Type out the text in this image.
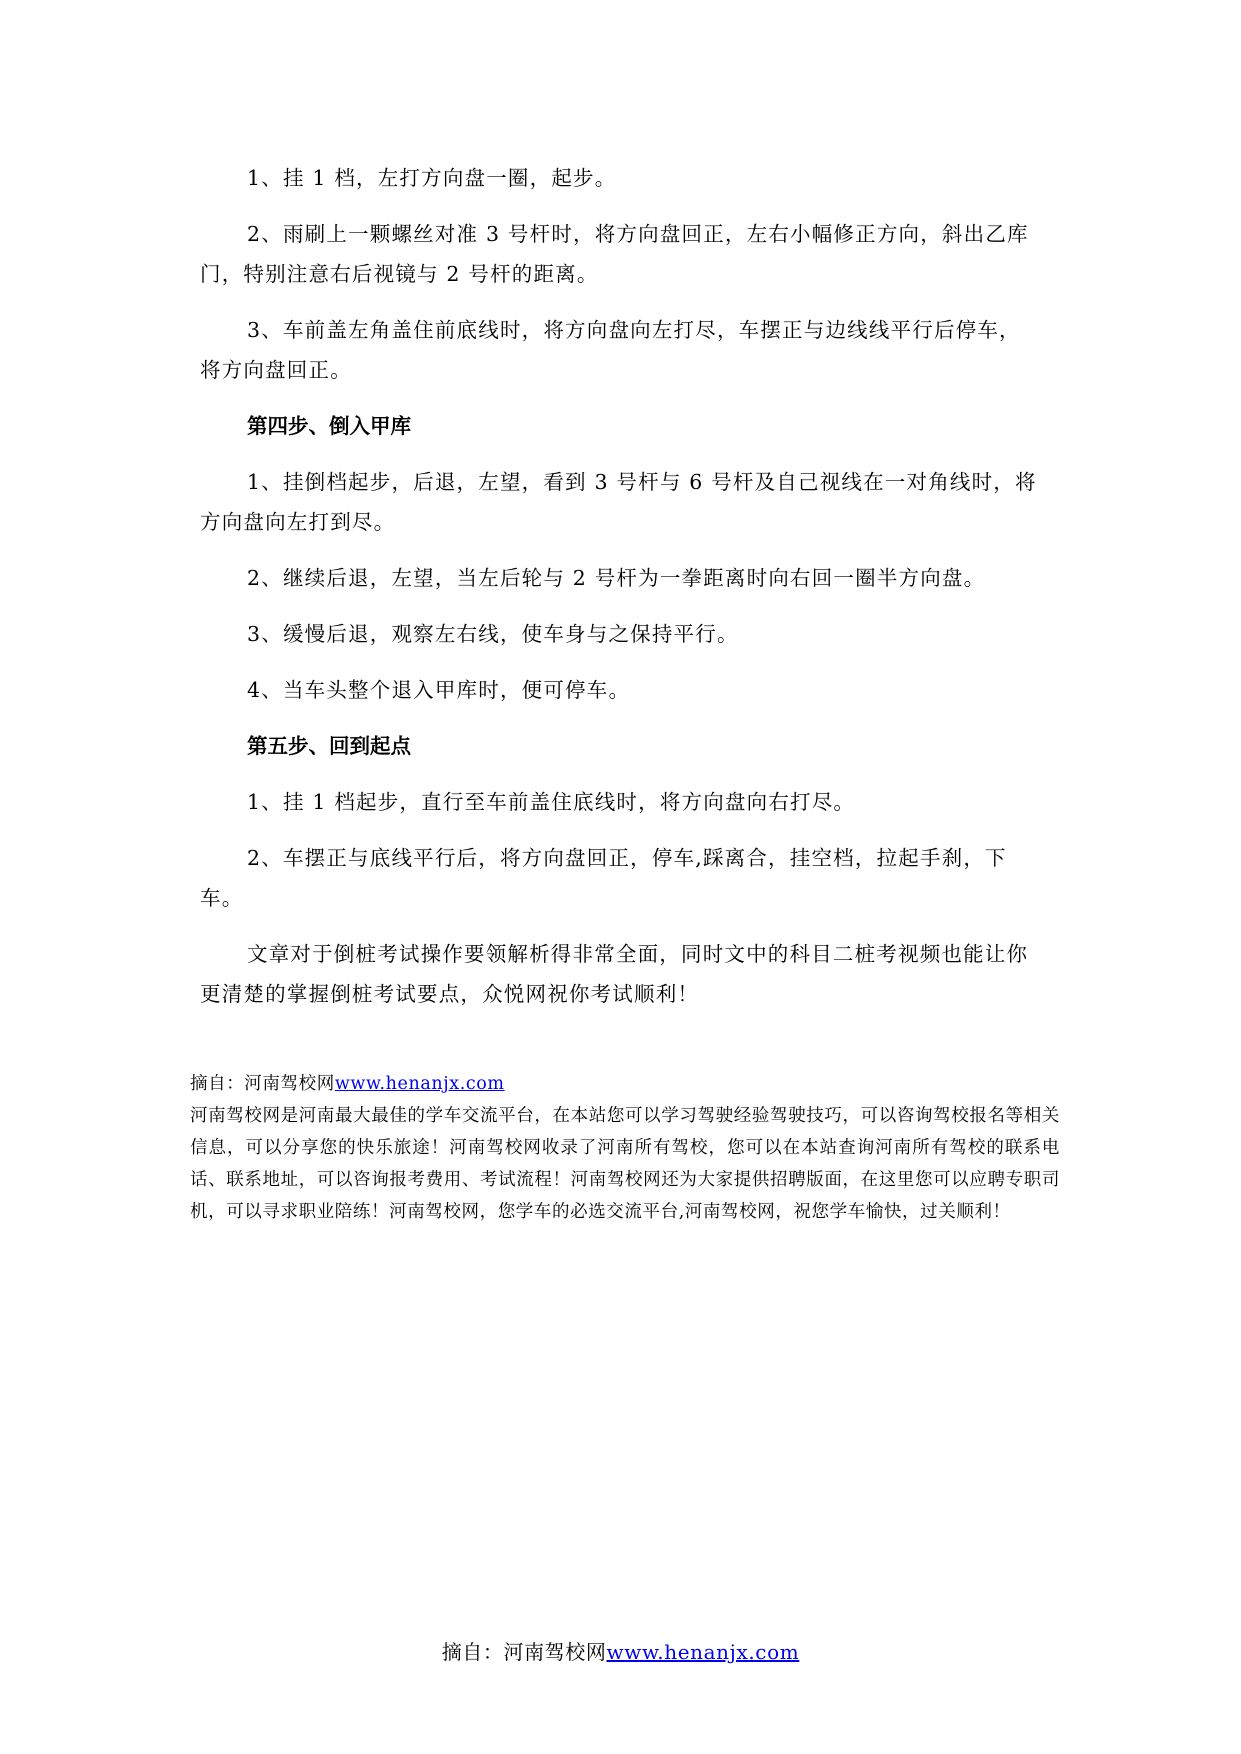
1、挂 1 档，左打方向盘一圈，起步。

2、雨刷上一颗螺丝对准 3 号杆时，将方向盘回正，左右小幅修正方向，斜出乙库门，特别注意右后视镜与 2 号杆的距离。

3、车前盖左角盖住前底线时，将方向盘向左打尽，车摆正与边线线平行后停车，将方向盘回正。

第四步、倒入甲库

1、挂倒档起步，后退，左望，看到 3 号杆与 6 号杆及自己视线在一对角线时，将方向盘向左打到尽。

2、继续后退，左望，当左后轮与 2 号杆为一拳距离时向右回一圈半方向盘。

3、缓慢后退，观察左右线，使车身与之保持平行。

4、当车头整个退入甲库时，便可停车。

第五步、回到起点

1、挂 1 档起步，直行至车前盖住底线时，将方向盘向右打尽。

2、车摆正与底线平行后，将方向盘回正，停车,踩离合，挂空档，拉起手刹，下车。

文章对于倒桩考试操作要领解析得非常全面，同时文中的科目二桩考视频也能让你更清楚的掌握倒桩考试要点，众悦网祝你考试顺利！

摘自：河南驾校网www.henanjx.com

河南驾校网是河南最大最佳的学车交流平台，在本站您可以学习驾驶经验驾驶技巧，可以咨询驾校报名等相关信息，可以分享您的快乐旅途！河南驾校网收录了河南所有驾校，您可以在本站查询河南所有驾校的联系电话、联系地址，可以咨询报考费用、考试流程！河南驾校网还为大家提供招聘版面，在这里您可以应聘专职司机，可以寻求职业陪练！河南驾校网，您学车的必选交流平台,河南驾校网，祝您学车愉快，过关顺利！

摘自：河南驾校网www.henanjx.com
